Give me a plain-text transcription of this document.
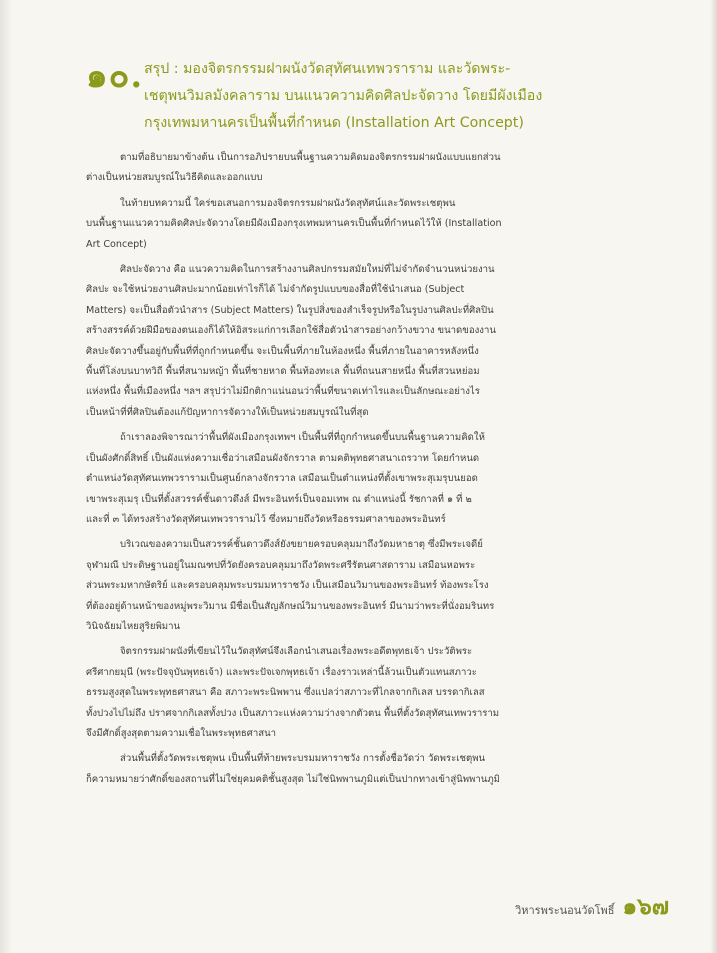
๑๐. สรุป : มองจิตรกรรมฝาผนังวัดสุทัศนเทพวราราม และวัดพระ-
เชตุพนวิมลมังคลาราม บนแนวความคิดศิลปะจัดวาง โดยมีผังเมือง
กรุงเทพมหานครเป็นพื้นที่กำหนด (Installation Art Concept)

ตามที่อธิบายมาข้างต้น เป็นการอภิปรายบนพื้นฐานความคิดมองจิตรกรรมฝาผนังแบบแยกส่วน
ต่างเป็นหน่วยสมบูรณ์ในวิธีคิดและออกแบบ

ในท้ายบทความนี้ ใคร่ขอเสนอการมองจิตรกรรมฝาผนังวัดสุทัศน์และวัดพระเชตุพน
บนพื้นฐานแนวความคิดศิลปะจัดวางโดยมีผังเมืองกรุงเทพมหานครเป็นพื้นที่กำหนดไว้ให้ (Installation
Art Concept)

ศิลปะจัดวาง คือ แนวความคิดในการสร้างงานศิลปกรรมสมัยใหม่ที่ไม่จำกัดจำนวนหน่วยงาน
ศิลปะ จะใช้หน่วยงานศิลปะมากน้อยเท่าไรก็ได้ ไม่จำกัดรูปแบบของสื่อที่ใช้นำเสนอ (Subject
Matters) จะเป็นสื่อตัวนำสาร (Subject Matters) ในรูปสิ่งของสำเร็จรูปหรือในรูปงานศิลปะที่ศิลปิน
สร้างสรรค์ด้วยฝีมือของตนเองก็ได้ให้อิสระแก่การเลือกใช้สื่อตัวนำสารอย่างกว้างขวาง ขนาดของงาน
ศิลปะจัดวางขึ้นอยู่กับพื้นที่ที่ถูกกำหนดขึ้น จะเป็นพื้นที่ภายในห้องหนึ่ง พื้นที่ภายในอาคารหลังหนึ่ง
พื้นที่โล่งบนบาทวิถี พื้นที่สนามหญ้า พื้นที่ชายหาด พื้นท้องทะเล พื้นที่ถนนสายหนึ่ง พื้นที่สวนหย่อม
แห่งหนึ่ง พื้นที่เมืองหนึ่ง ฯลฯ สรุปว่าไม่มีกติกาแน่นอนว่าพื้นที่ขนาดเท่าไรและเป็นลักษณะอย่างไร
เป็นหน้าที่ที่ศิลปินต้องแก้ปัญหาการจัดวางให้เป็นหน่วยสมบูรณ์ในที่สุด

ถ้าเราลองพิจารณาว่าพื้นที่ผังเมืองกรุงเทพฯ เป็นพื้นที่ที่ถูกกำหนดขึ้นบนพื้นฐานความคิดให้
เป็นผังศักดิ์สิทธิ์ เป็นผังแห่งความเชื่อว่าเสมือนผังจักรวาล ตามคติพุทธศาสนาเถรวาท โดยกำหนด
ตำแหน่งวัดสุทัศนเทพวรารามเป็นศูนย์กลางจักรวาล เสมือนเป็นตำแหน่งที่ตั้งเขาพระสุเมรุบนยอด
เขาพระสุเมรุ เป็นที่ตั้งสวรรค์ชั้นดาวดึงส์ มีพระอินทร์เป็นจอมเทพ ณ ตำแหน่งนี้ รัชกาลที่ ๑ ที่ ๒
และที่ ๓ ได้ทรงสร้างวัดสุทัศนเทพวรารามไว้ ซึ่งหมายถึงวัดหรือธรรมศาลาของพระอินทร์

บริเวณของความเป็นสวรรค์ชั้นดาวดึงส์ยังขยายครอบคลุมมาถึงวัดมหาธาตุ ซึ่งมีพระเจดีย์
จุฬามณี ประดิษฐานอยู่ในมณฑปที่วัดยังครอบคลุมมาถึงวัดพระศรีรัตนศาสดาราม เสมือนหอพระ
ส่วนพระมหากษัตริย์ และครอบคลุมพระบรมมหาราชวัง เป็นเสมือนวิมานของพระอินทร์ ท้องพระโรง
ที่ต้องอยู่ด้านหน้าของหมู่พระวิมาน มีชื่อเป็นสัญลักษณ์วิมานของพระอินทร์ มีนามว่าพระที่นั่งอมรินทร
วินิจฉัยมไหยสูริยพิมาน

จิตรกรรมฝาผนังที่เขียนไว้ในวัดสุทัศน์จึงเลือกนำเสนอเรื่องพระอดีตพุทธเจ้า ประวัติพระ
ศรีศากยมุนี (พระปัจจุบันพุทธเจ้า) และพระปัจเจกพุทธเจ้า เรื่องราวเหล่านี้ล้วนเป็นตัวแทนสภาวะ
ธรรมสูงสุดในพระพุทธศาสนา คือ สภาวะพระนิพพาน ซึ่งแปลว่าสภาวะที่ไกลจากกิเลส บรรดากิเลส
ทั้งปวงไปไม่ถึง ปราศจากกิเลสทั้งปวง เป็นสภาวะแห่งความว่างจากตัวตน พื้นที่ตั้งวัดสุทัศนเทพวราราม
จึงมีศักดิ์สูงสุดตามความเชื่อในพระพุทธศาสนา

ส่วนพื้นที่ตั้งวัดพระเชตุพน เป็นพื้นที่ท้ายพระบรมมหาราชวัง การตั้งชื่อวัดว่า วัดพระเชตุพน
ก็ความหมายว่าศักดิ์ของสถานที่ไม่ใช่ยุคมคติชั้นสูงสุด ไม่ใช่นิพพานภูมิแต่เป็นปากทางเข้าสู่นิพพานภูมิ

วิหารพระนอนวัดโพธิ์ ๑๖๗
